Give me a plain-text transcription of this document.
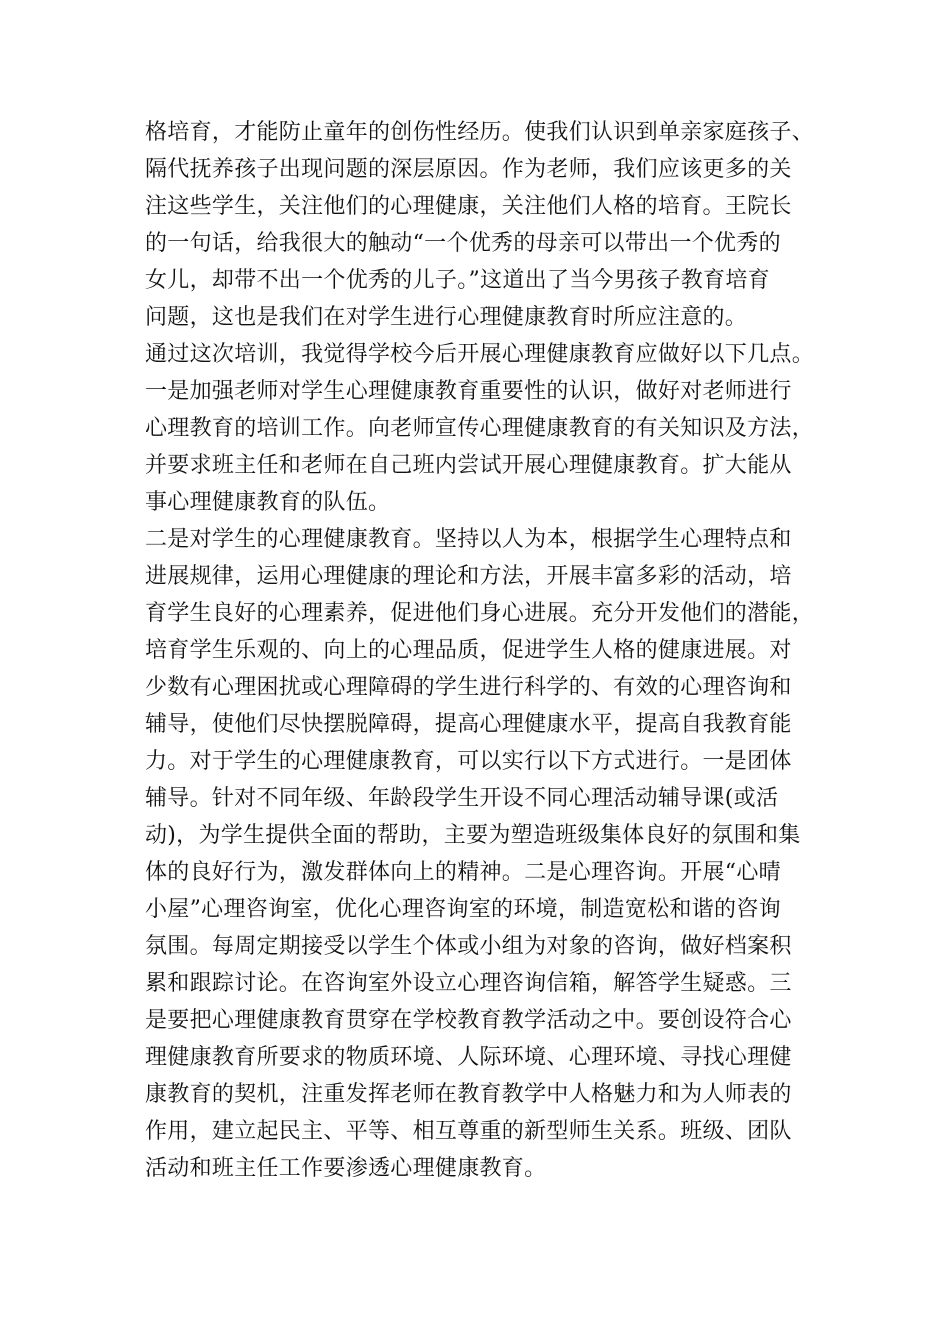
格培育，才能防止童年的创伤性经历。使我们认识到单亲家庭孩子、
隔代抚养孩子出现问题的深层原因。作为老师，我们应该更多的关
注这些学生，关注他们的心理健康，关注他们人格的培育。王院长
的一句话，给我很大的触动“一个优秀的母亲可以带出一个优秀的
女儿，却带不出一个优秀的儿子。”这道出了当今男孩子教育培育
问题，这也是我们在对学生进行心理健康教育时所应注意的。
通过这次培训，我觉得学校今后开展心理健康教育应做好以下几点。
一是加强老师对学生心理健康教育重要性的认识，做好对老师进行
心理教育的培训工作。向老师宣传心理健康教育的有关知识及方法，
并要求班主任和老师在自己班内尝试开展心理健康教育。扩大能从
事心理健康教育的队伍。
二是对学生的心理健康教育。坚持以人为本，根据学生心理特点和
进展规律，运用心理健康的理论和方法，开展丰富多彩的活动，培
育学生良好的心理素养，促进他们身心进展。充分开发他们的潜能，
培育学生乐观的、向上的心理品质，促进学生人格的健康进展。对
少数有心理困扰或心理障碍的学生进行科学的、有效的心理咨询和
辅导，使他们尽快摆脱障碍，提高心理健康水平，提高自我教育能
力。对于学生的心理健康教育，可以实行以下方式进行。一是团体
辅导。针对不同年级、年龄段学生开设不同心理活动辅导课(或活
动)，为学生提供全面的帮助，主要为塑造班级集体良好的氛围和集
体的良好行为，激发群体向上的精神。二是心理咨询。开展“心晴
小屋”心理咨询室，优化心理咨询室的环境，制造宽松和谐的咨询
氛围。每周定期接受以学生个体或小组为对象的咨询，做好档案积
累和跟踪讨论。在咨询室外设立心理咨询信箱，解答学生疑惑。三
是要把心理健康教育贯穿在学校教育教学活动之中。要创设符合心
理健康教育所要求的物质环境、人际环境、心理环境、寻找心理健
康教育的契机，注重发挥老师在教育教学中人格魅力和为人师表的
作用，建立起民主、平等、相互尊重的新型师生关系。班级、团队
活动和班主任工作要渗透心理健康教育。
